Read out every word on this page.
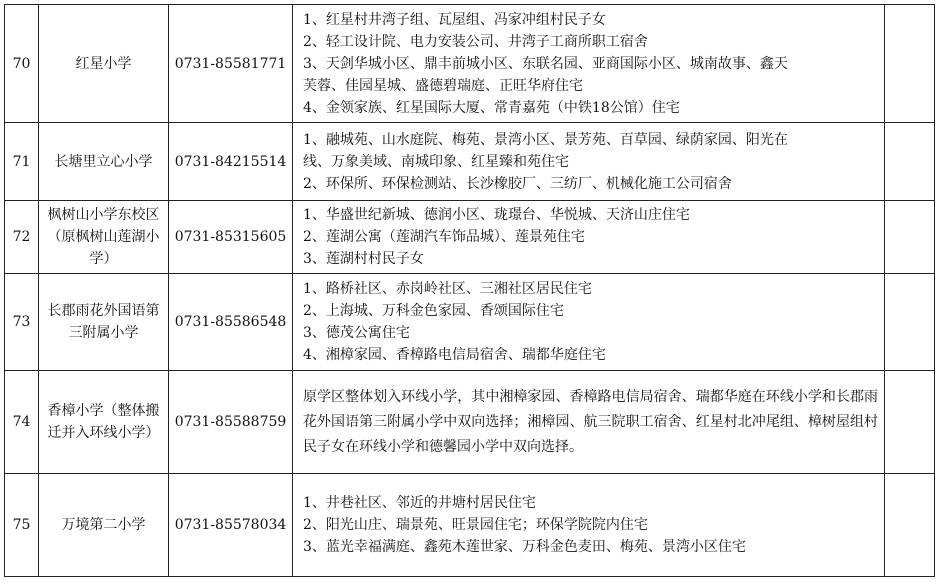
70	红星小学	0731-85581771	1、红星村井湾子组、瓦屋组、冯家冲组村民子女
2、轻工设计院、电力安装公司、井湾子工商所职工宿舍
3、天剑华城小区、鼎丰前城小区、东联名园、亚商国际小区、城南故事、鑫天
芙蓉、佳园星城、盛德碧瑞庭、正旺华府住宅
4、金领家族、红星国际大厦、常青嘉苑（中铁18公馆）住宅	

71	长塘里立心小学	0731-84215514	1、融城苑、山水庭院、梅苑、景湾小区、景芳苑、百草园、绿荫家园、阳光在
线、万象美域、南城印象、红星臻和苑住宅
2、环保所、环保检测站、长沙橡胶厂、三纺厂、机械化施工公司宿舍	

72	枫树山小学东校区（原枫树山莲湖小学）	0731-85315605	1、华盛世纪新城、德润小区、珑璟台、华悦城、天济山庄住宅
2、莲湖公寓（莲湖汽车饰品城）、莲景苑住宅
3、莲湖村村民子女	

73	长郡雨花外国语第三附属小学	0731-85586548	1、路桥社区、赤岗岭社区、三湘社区居民住宅
2、上海城、万科金色家园、香颂国际住宅
3、德茂公寓住宅
4、湘樟家园、香樟路电信局宿舍、瑞都华庭住宅	

74	香樟小学（整体搬迁并入环线小学）	0731-85588759	原学区整体划入环线小学，其中湘樟家园、香樟路电信局宿舍、瑞都华庭在环线小学和长郡雨花外国语第三附属小学中双向选择；湘樟园、航三院职工宿舍、红星村北冲尾组、樟树屋组村民子女在环线小学和德馨园小学中双向选择。	
75	万境第二小学	0731-85578034	1、井巷社区、邻近的井塘村居民住宅
2、阳光山庄、瑞景苑、旺景园住宅；环保学院院内住宅
3、蓝光幸福满庭、鑫苑木莲世家、万科金色麦田、梅苑、景湾小区住宅	
